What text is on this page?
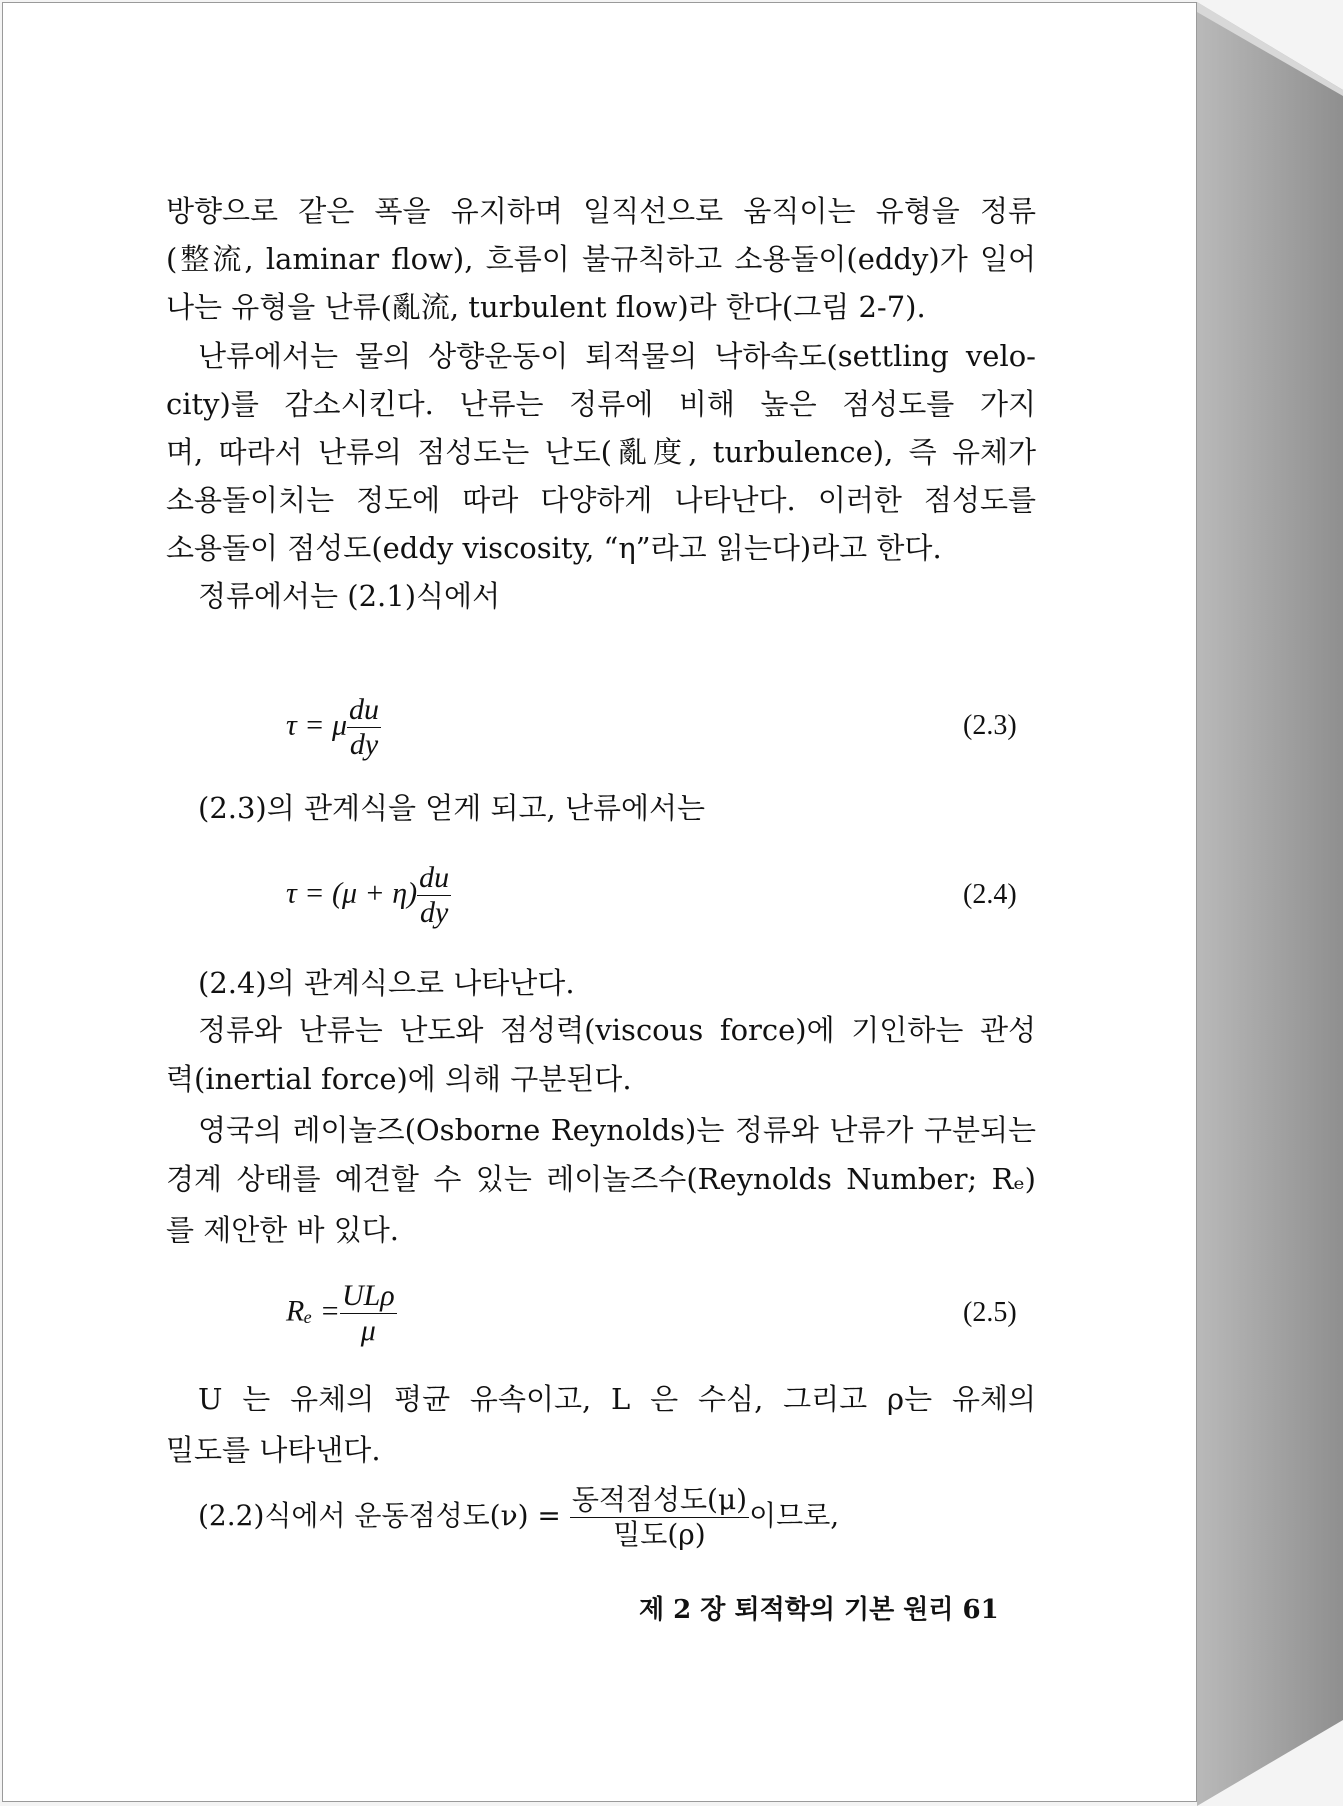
방향으로 같은 폭을 유지하며 일직선으로 움직이는 유형을 정류
(整流, laminar flow), 흐름이 불규칙하고 소용돌이(eddy)가 일어
나는 유형을 난류(亂流, turbulent flow)라 한다(그림 2-7).
난류에서는 물의 상향운동이 퇴적물의 낙하속도(settling velo-
city)를 감소시킨다. 난류는 정류에 비해 높은 점성도를 가지
며, 따라서 난류의 점성도는 난도(亂度, turbulence), 즉 유체가
소용돌이치는 정도에 따라 다양하게 나타난다. 이러한 점성도를
소용돌이 점성도(eddy viscosity, “η”라고 읽는다)라고 한다.
정류에서는 (2.1)식에서
τ = μ $\frac{du}{dy}$	(2.3)
(2.3)의 관계식을 얻게 되고, 난류에서는
$\tau = (\mu + \eta) \frac{du}{dy}$	(2.4)
(2.4)의 관계식으로 나타난다.
정류와 난류는 난도와 점성력(viscous force)에 기인하는 관성
력(inertial force)에 의해 구분된다.
영국의 레이놀즈(Osborne Reynolds)는 정류와 난류가 구분되는
경계 상태를 예견할 수 있는 레이놀즈수(Reynolds Number; Rₑ)
를 제안한 바 있다.
$R_e = \frac{\text{ULρ}}{\mu}$	(2.5)
U 는 유체의 평균 유속이고, L 은 수심, 그리고 ρ는 유체의
밀도를 나타낸다.
(2.2)식에서 운동점성도$(\nu) = \frac{\text{동적점성도(μ)}}{\text{밀도(ρ)}}$ 이므로,
제 2 장 퇴적학의 기본 원리 61
